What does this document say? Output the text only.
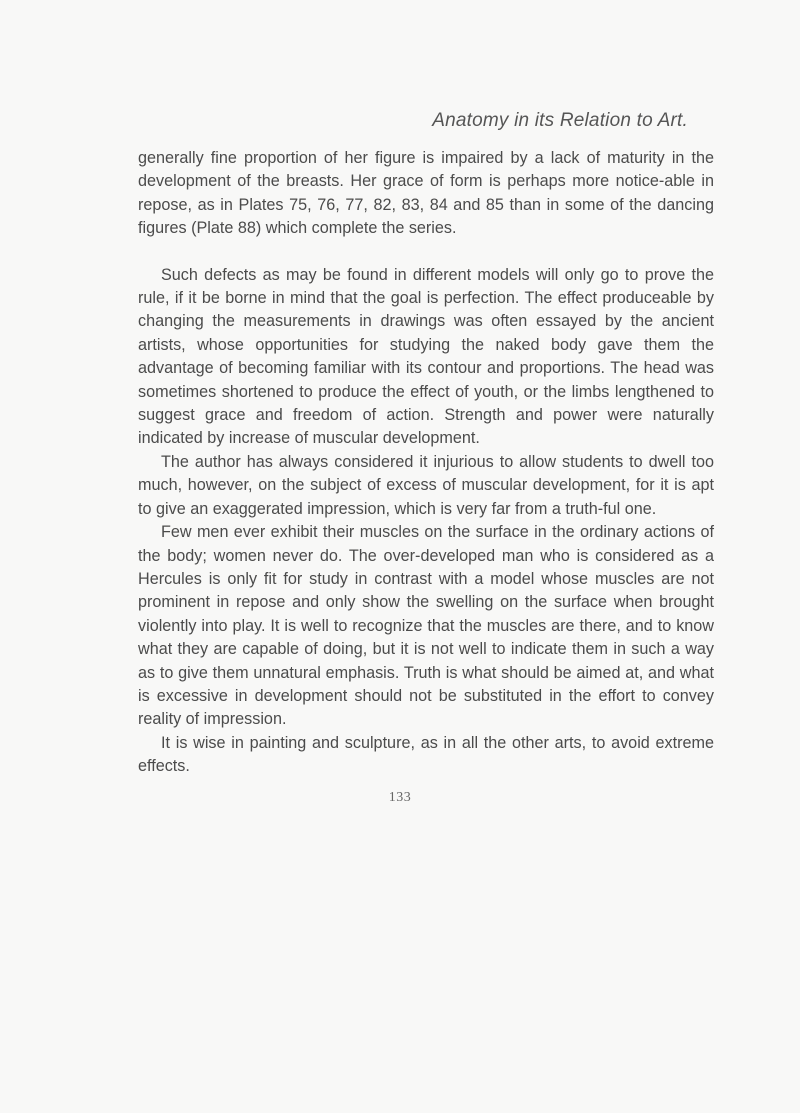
Anatomy in its Relation to Art.

generally fine proportion of her figure is impaired by a lack of maturity in the development of the breasts. Her grace of form is perhaps more notice-able in repose, as in Plates 75, 76, 77, 82, 83, 84 and 85 than in some of the dancing figures (Plate 88) which complete the series.

Such defects as may be found in different models will only go to prove the rule, if it be borne in mind that the goal is perfection. The effect produceable by changing the measurements in drawings was often essayed by the ancient artists, whose opportunities for studying the naked body gave them the advantage of becoming familiar with its contour and proportions. The head was sometimes shortened to produce the effect of youth, or the limbs lengthened to suggest grace and freedom of action. Strength and power were naturally indicated by increase of muscular development.

The author has always considered it injurious to allow students to dwell too much, however, on the subject of excess of muscular development, for it is apt to give an exaggerated impression, which is very far from a truth-ful one.

Few men ever exhibit their muscles on the surface in the ordinary actions of the body; women never do. The over-developed man who is considered as a Hercules is only fit for study in contrast with a model whose muscles are not prominent in repose and only show the swelling on the surface when brought violently into play. It is well to recognize that the muscles are there, and to know what they are capable of doing, but it is not well to indicate them in such a way as to give them unnatural emphasis. Truth is what should be aimed at, and what is excessive in development should not be substituted in the effort to convey reality of impression.

It is wise in painting and sculpture, as in all the other arts, to avoid extreme effects.

133
